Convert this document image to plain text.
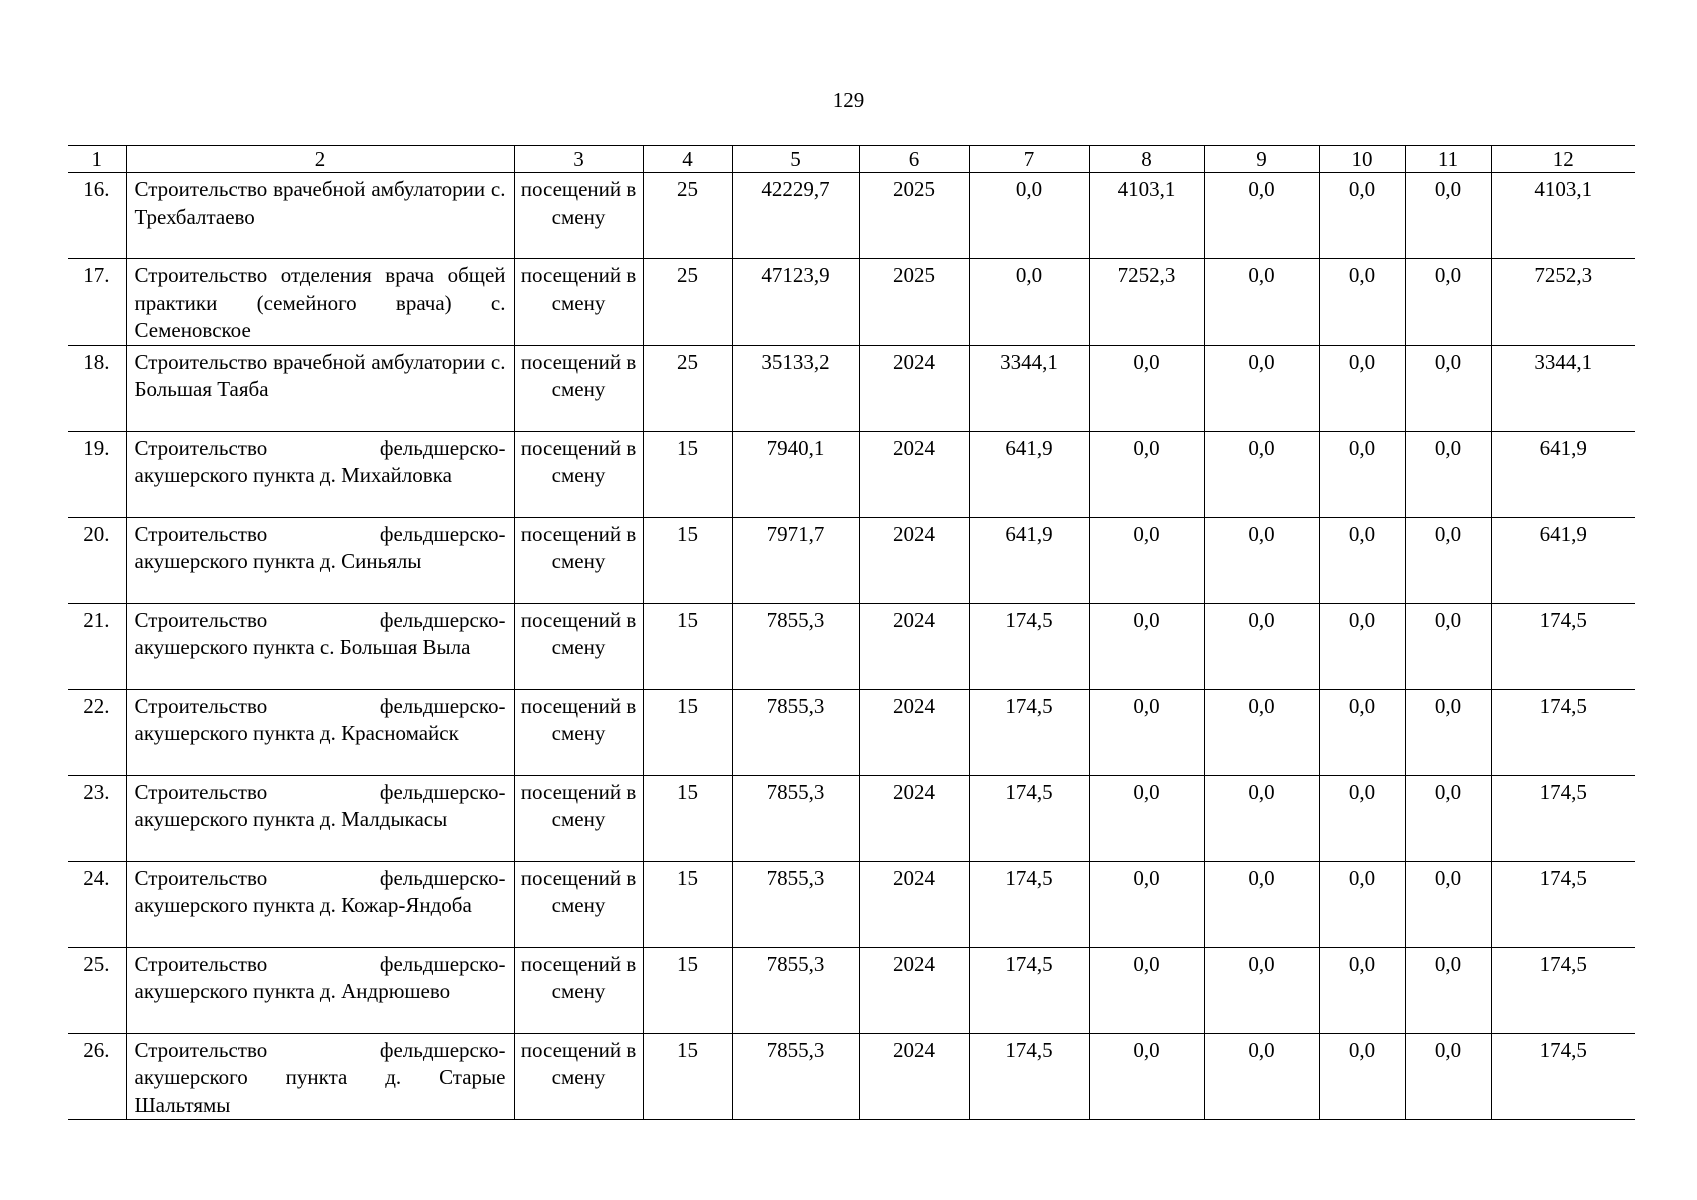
129
1	2	3	4	5	6	7	8	9	10	11	12
16.	Строительство врачебной амбулатории с. Трехбалтаево	посещений в смену	25	42229,7	2025	0,0	4103,1	0,0	0,0	0,0	4103,1
17.	Строительство отделения врача общей практики (семейного врача) с. Семеновское	посещений в смену	25	47123,9	2025	0,0	7252,3	0,0	0,0	0,0	7252,3
18.	Строительство врачебной амбулатории с. Большая Таяба	посещений в смену	25	35133,2	2024	3344,1	0,0	0,0	0,0	0,0	3344,1
19.	Строительство фельдшерско-акушерского пункта д. Михайловка	посещений в смену	15	7940,1	2024	641,9	0,0	0,0	0,0	0,0	641,9
20.	Строительство фельдшерско-акушерского пункта д. Синьялы	посещений в смену	15	7971,7	2024	641,9	0,0	0,0	0,0	0,0	641,9
21.	Строительство фельдшерско-акушерского пункта с. Большая Выла	посещений в смену	15	7855,3	2024	174,5	0,0	0,0	0,0	0,0	174,5
22.	Строительство фельдшерско-акушерского пункта д. Красномайск	посещений в смену	15	7855,3	2024	174,5	0,0	0,0	0,0	0,0	174,5
23.	Строительство фельдшерско-акушерского пункта д. Малдыкасы	посещений в смену	15	7855,3	2024	174,5	0,0	0,0	0,0	0,0	174,5
24.	Строительство фельдшерско-акушерского пункта д. Кожар-Яндоба	посещений в смену	15	7855,3	2024	174,5	0,0	0,0	0,0	0,0	174,5
25.	Строительство фельдшерско-акушерского пункта д. Андрюшево	посещений в смену	15	7855,3	2024	174,5	0,0	0,0	0,0	0,0	174,5
26.	Строительство фельдшерско-акушерского пункта д. Старые Шальтямы	посещений в смену	15	7855,3	2024	174,5	0,0	0,0	0,0	0,0	174,5
